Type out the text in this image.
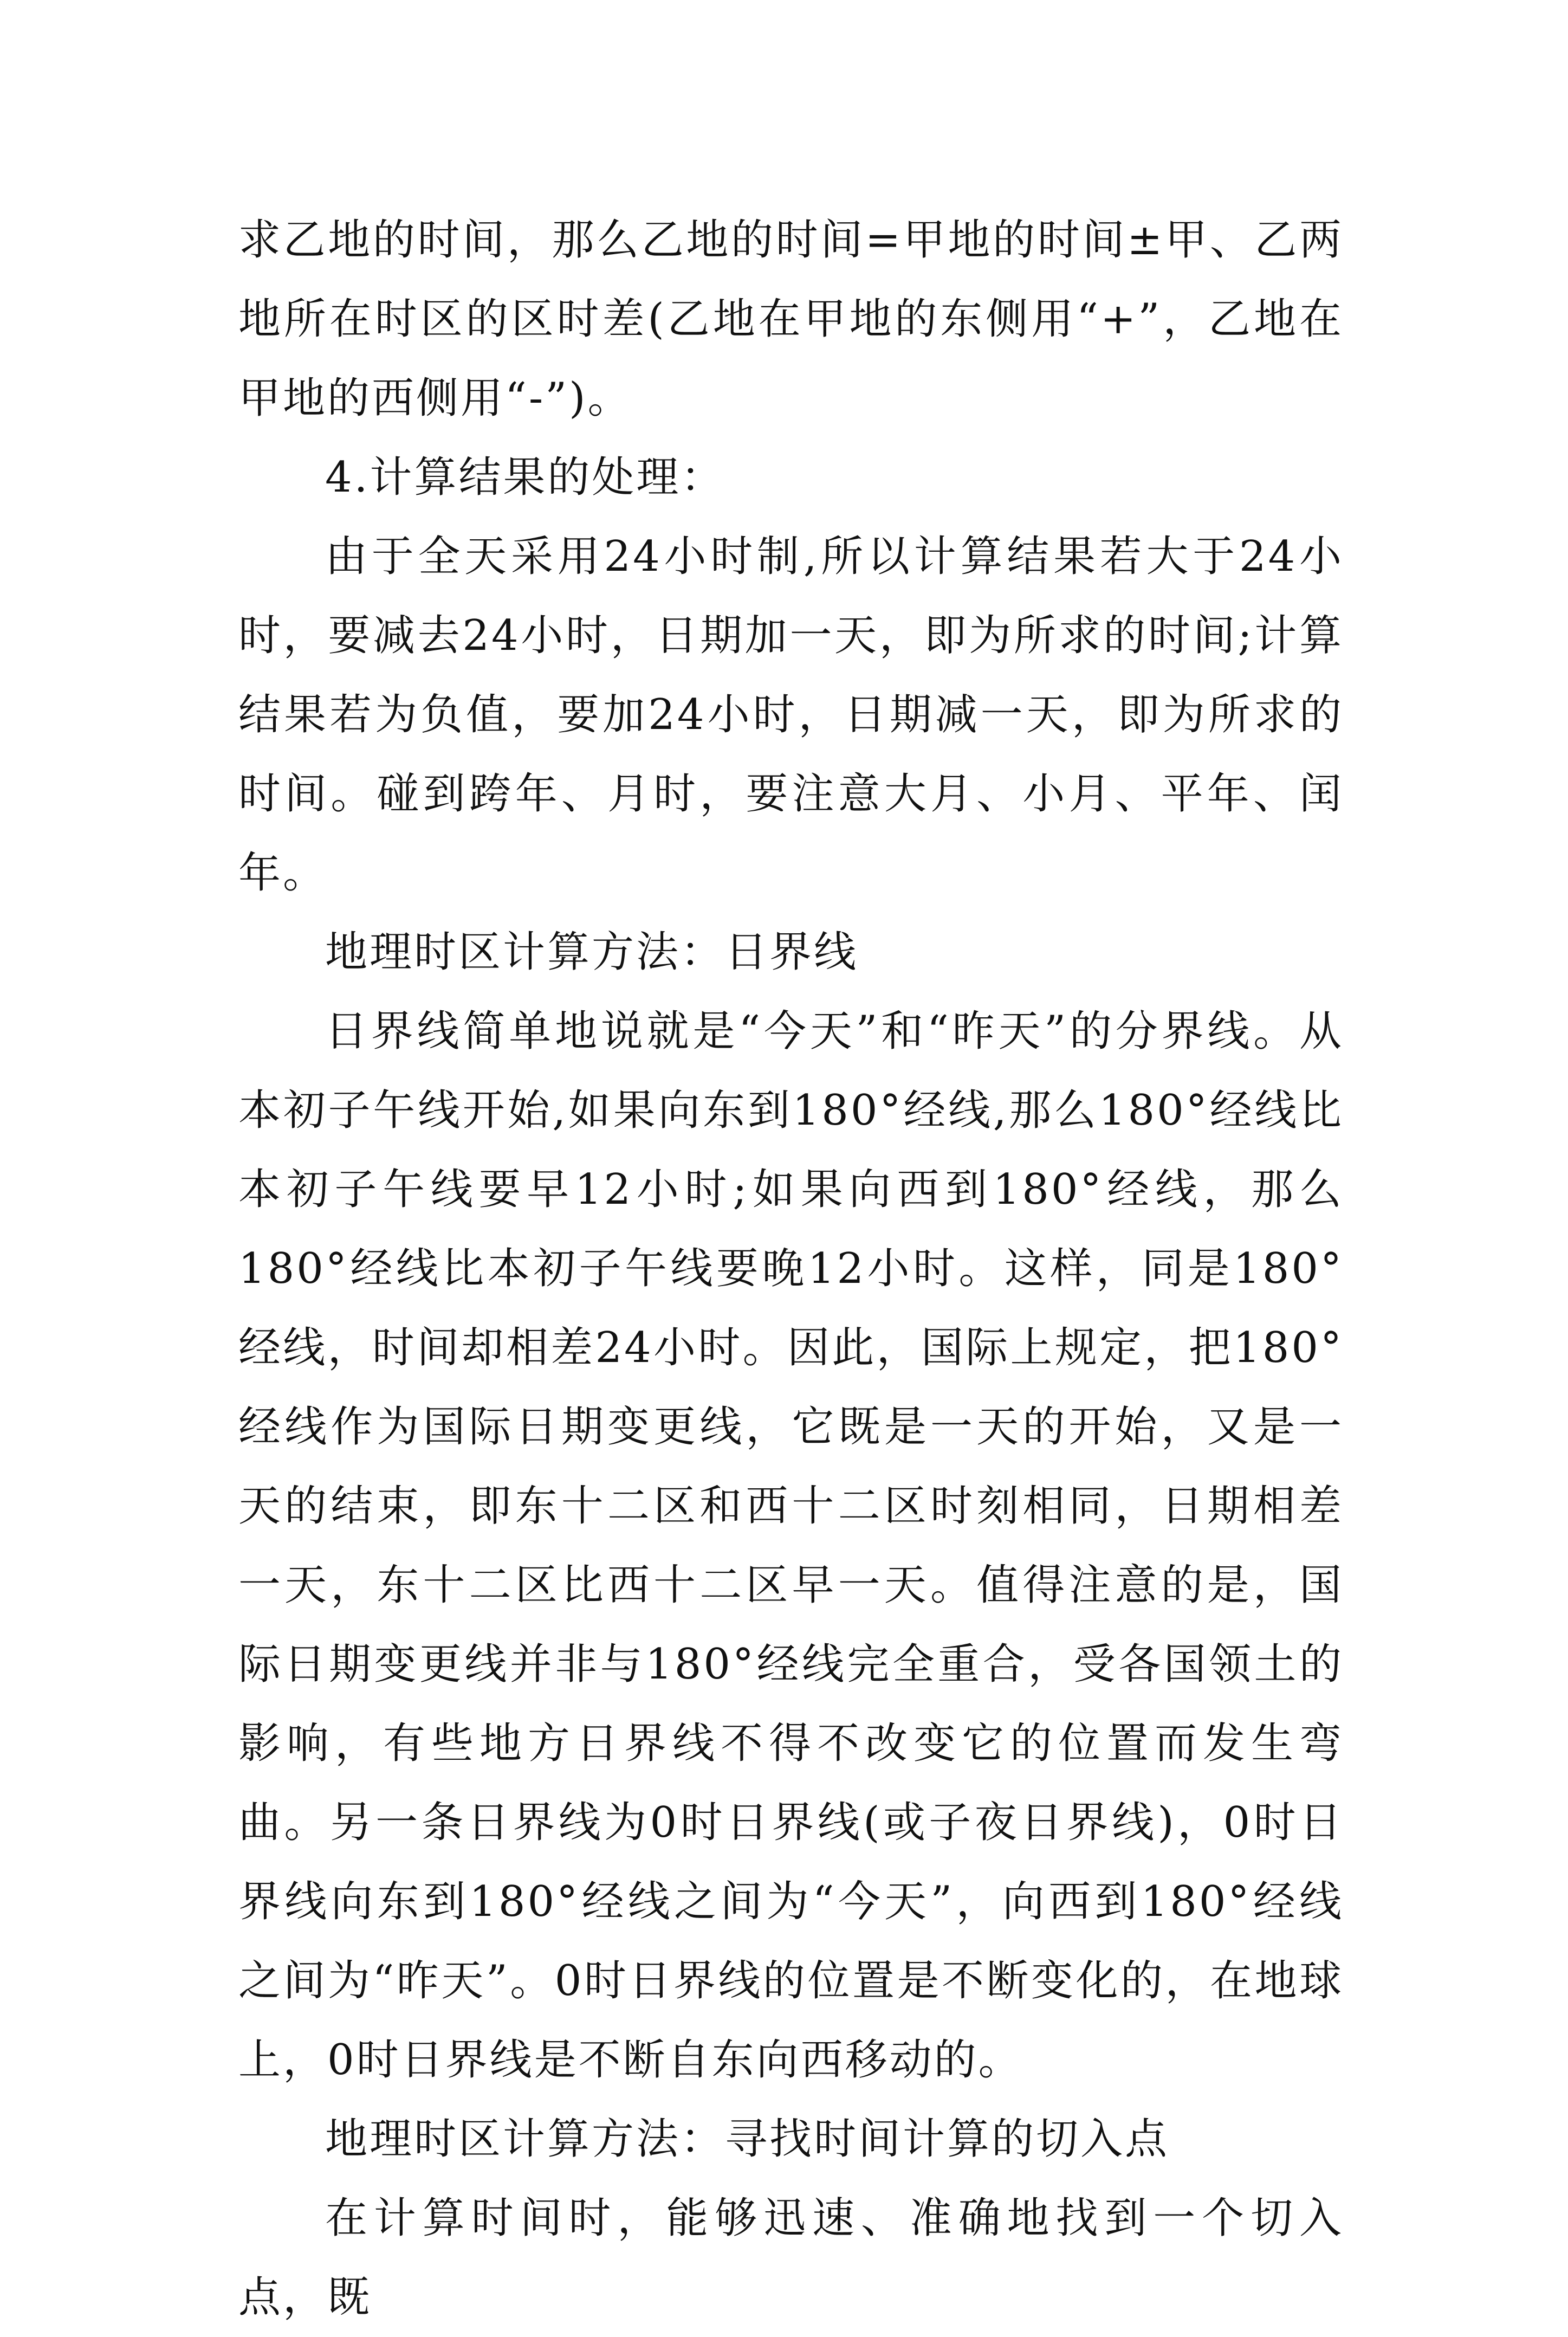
求乙地的时间，那么乙地的时间=甲地的时间±甲、乙两地所在时区的区时差(乙地在甲地的东侧用“+”，乙地在甲地的西侧用“-”)。

4.计算结果的处理：

由于全天采用24小时制,所以计算结果若大于24小时，要减去24小时，日期加一天，即为所求的时间;计算结果若为负值，要加24小时，日期减一天，即为所求的时间。碰到跨年、月时，要注意大月、小月、平年、闰年。

地理时区计算方法：日界线

日界线简单地说就是“今天”和“昨天”的分界线。从本初子午线开始,如果向东到180°经线,那么180°经线比本初子午线要早12小时;如果向西到180°经线，那么180°经线比本初子午线要晚12小时。这样，同是180°经线，时间却相差24小时。因此，国际上规定，把180°经线作为国际日期变更线，它既是一天的开始，又是一天的结束，即东十二区和西十二区时刻相同，日期相差一天，东十二区比西十二区早一天。值得注意的是，国际日期变更线并非与180°经线完全重合，受各国领土的影响，有些地方日界线不得不改变它的位置而发生弯曲。另一条日界线为0时日界线(或子夜日界线)，0时日界线向东到180°经线之间为“今天”，向西到180°经线之间为“昨天”。0时日界线的位置是不断变化的，在地球上，0时日界线是不断自东向西移动的。

地理时区计算方法：寻找时间计算的切入点

在计算时间时，能够迅速、准确地找到一个切入点，既
